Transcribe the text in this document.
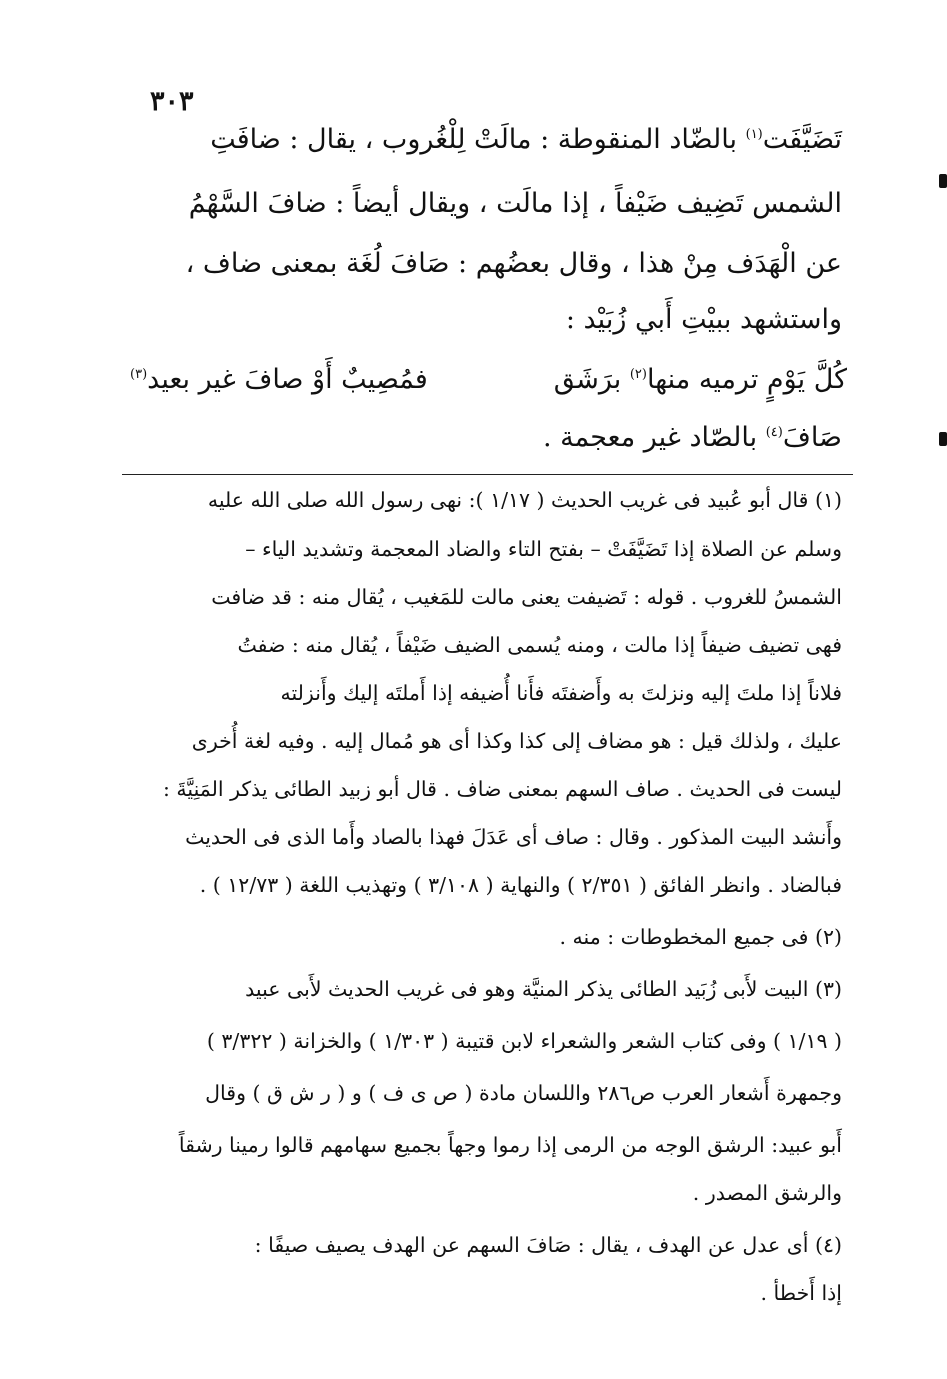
٣٠٣
تَضَيَّفَت$^{(١)}$ بالضّاد المنقوطة : مالَتْ لِلْغُروب ، يقال : ضافَتِ
الشمس تَضِيف ضَيْفاً ، إذا مالَت ، ويقال أيضاً : ضافَ السَّهْمُ
عن الْهَدَف مِنْ هذا ، وقال بعضُهم : صَافَ لُغَة بمعنى ضاف ،
واستشهد ببيْتِ أَبي زُبَيْد :
كُلَّ يَوْمٍ ترميه منها$^{(٢)}$ برَشَق
فمُصِيبٌ أَوْ صافَ غير بعيد$^{(٣)}$
صَافَ$^{(٤)}$ بالصّاد غير معجمة .
(١) قال أبو عُبيد فى غريب الحديث ( ١/١٧ ): نهى رسول الله صلى الله عليه
وسلم عن الصلاة إذا تَضَيَّفَتْ – بفتح التاء والضاد المعجمة وتشديد الياء –
الشمسُ للغروب . قوله : تَضيفت يعنى مالت للمَغيب ، يُقال منه : قد ضافت
فهى تضيف ضيفاً إذا مالت ، ومنه يُسمى الضيف ضَيْفاً ، يُقال منه : ضفتُ
فلاناً إذا ملتَ إليه ونزلتَ به وأَضفتَه فأَنا أُضيفه إذا أَملتَه إليك وأَنزلته
عليك ، ولذلك قيل : هو مضاف إلى كذا وكذا أى هو مُمال إليه . وفيه لغة أُخرى
ليست فى الحديث . صاف السهم بمعنى ضاف . قال أبو زبيد الطائى يذكر المَنِيَّةَ :
وأَنشد البيت المذكور . وقال : صاف أى عَدَلَ فهذا بالصاد وأَما الذى فى الحديث
فبالضاد . وانظر الفائق ( ٢/٣٥١ ) والنهاية ( ٣/١٠٨ ) وتهذيب اللغة ( ١٢/٧٣ ) .
(٢) فى جميع المخطوطات : منه .
(٣) البيت لأَبى زُبَيد الطائى يذكر المنيَّة وهو فى غريب الحديث لأَبى عبيد
( ١/١٩ ) وفى كتاب الشعر والشعراء لابن قتيبة ( ١/٣٠٣ ) والخزانة ( ٣/٣٢٢ )
وجمهرة أَشعار العرب ص٢٨٦ واللسان مادة ( ص ى ف ) و ( ر ش ق ) وقال
أَبو عبيد: الرشق الوجه من الرمى إذا رموا وجهاً بجميع سهامهم قالوا رمينا رشقاً
والرشق المصدر .
(٤) أى عدل عن الهدف ، يقال : صَافَ السهم عن الهدف يصيف صيفًا :
إذا أَخطأ .
